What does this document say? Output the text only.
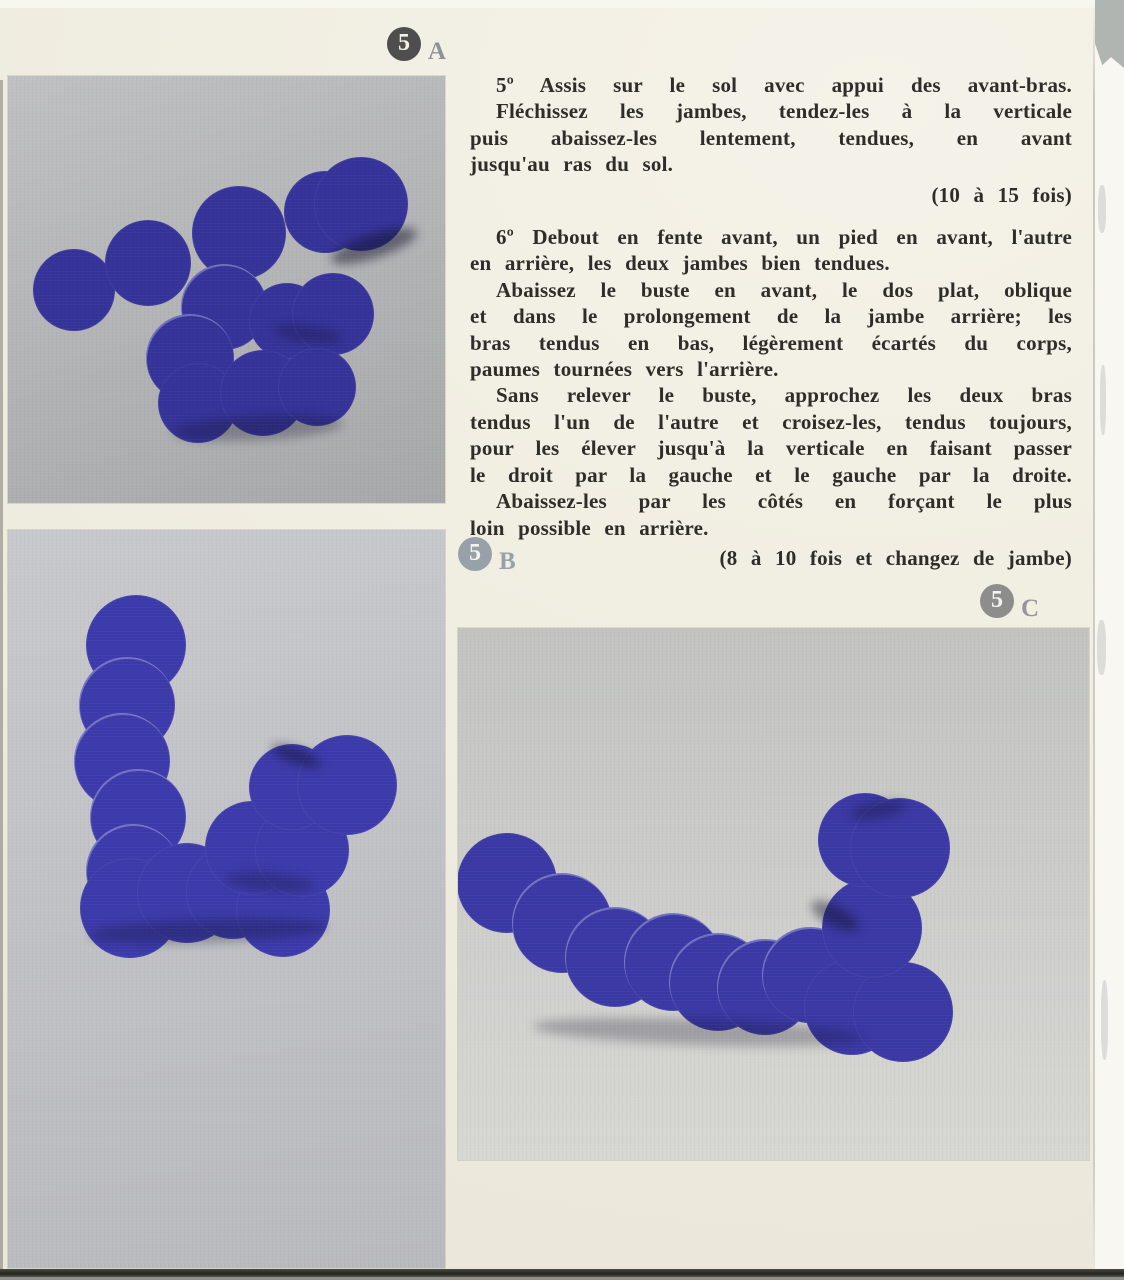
5 A
5 B
5 C
5º Assis sur le sol avec appui des avant-bras.
Fléchissez les jambes, tendez-les à la verticale
puis abaissez-les lentement, tendues, en avant
jusqu'au ras du sol.
(10 à 15 fois)
6º Debout en fente avant, un pied en avant, l'autre
en arrière, les deux jambes bien tendues.
Abaissez le buste en avant, le dos plat, oblique
et dans le prolongement de la jambe arrière; les
bras tendus en bas, légèrement écartés du corps,
paumes tournées vers l'arrière.
Sans relever le buste, approchez les deux bras
tendus l'un de l'autre et croisez-les, tendus toujours,
pour les élever jusqu'à la verticale en faisant passer
le droit par la gauche et le gauche par la droite.
Abaissez-les par les côtés en forçant le plus
loin possible en arrière.
(8 à 10 fois et changez de jambe)
